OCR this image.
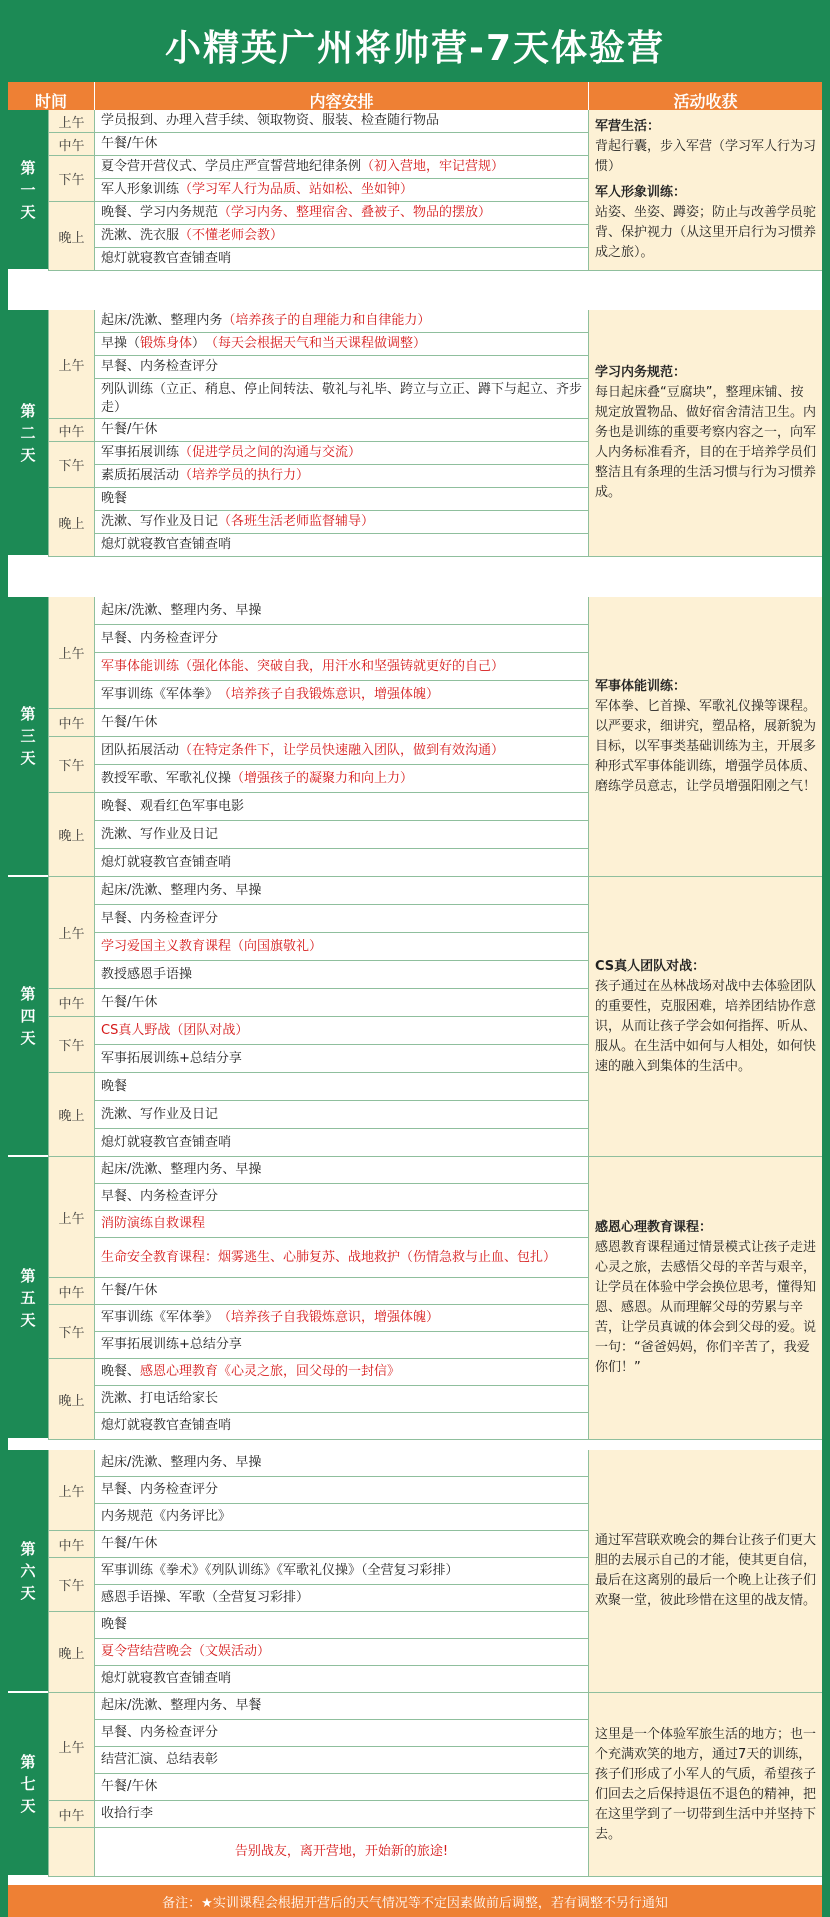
小精英广州将帅营-7天体验营
时间	内容安排	活动收获
第
一
天
上午
中午
下午
晚上
学员报到、办理入营手续、领取物资、服装、检查随行物品
午餐/午休
夏令营开营仪式、学员庄严宣誓营地纪律条例 （初入营地，牢记营规）
军人形象训练 （学习军人行为品质、站如松、坐如钟）
晚餐、学习内务规范 （学习内务、整理宿舍、叠被子、物品的摆放）
洗漱、洗衣服 （不懂老师会教）
熄灯就寝教官查铺查哨
军营生活：
背起行囊，步入军营（学习军人行为习惯）
军人形象训练：
站姿、坐姿、蹲姿；防止与改善学员驼背、保护视力（从这里开启行为习惯养成之旅）。
第
二
天
上午
中午
下午
晚上
起床/洗漱、整理内务 （培养孩子的自理能力和自律能力）
早操（ 锻炼身体 ） （每天会根据天气和当天课程做调整）
早餐、内务检查评分
列队训练（立正、稍息、停止间转法、敬礼与礼毕、跨立与立正、蹲下与起立、齐步走）
午餐/午休
军事拓展训练 （促进学员之间的沟通与交流）
素质拓展活动 （培养学员的执行力）
晚餐
洗漱、写作业及日记 （各班生活老师监督辅导）
熄灯就寝教官查铺查哨
学习内务规范：
每日起床叠“豆腐块”，整理床铺、按规定放置物品、做好宿舍清洁卫生。内务也是训练的重要考察内容之一，向军人内务标准看齐，目的在于培养学员们整洁且有条理的生活习惯与行为习惯养成。
第
三
天
上午
中午
下午
晚上
起床/洗漱、整理内务、早操
早餐、内务检查评分
军事体能训练（强化体能、突破自我，用汗水和坚强铸就更好的自己）
军事训练《军体拳》 （培养孩子自我锻炼意识，增强体魄）
午餐/午休
团队拓展活动 （在特定条件下，让学员快速融入团队，做到有效沟通）
教授军歌、军歌礼仪操 （增强孩子的凝聚力和向上力）
晚餐、观看红色军事电影
洗漱、写作业及日记
熄灯就寝教官查铺查哨
军事体能训练：
军体拳、匕首操、军歌礼仪操等课程。以严要求，细讲究，塑品格，展新貌为目标，以军事类基础训练为主，开展多种形式军事体能训练，增强学员体质、磨练学员意志，让学员增强阳刚之气！
第
四
天
上午
中午
下午
晚上
起床/洗漱、整理内务、早操
早餐、内务检查评分
学习爱国主义教育课程（向国旗敬礼）
教授感恩手语操
午餐/午休
CS真人野战（团队对战）
军事拓展训练+总结分享
晚餐
洗漱、写作业及日记
熄灯就寝教官查铺查哨
CS真人团队对战：
孩子通过在丛林战场对战中去体验团队的重要性，克服困难，培养团结协作意识，从而让孩子学会如何指挥、听从、服从。在生活中如何与人相处，如何快速的融入到集体的生活中。
第
五
天
上午
中午
下午
晚上
起床/洗漱、整理内务、早操
早餐、内务检查评分
消防演练自救课程
生命安全教育课程：烟雾逃生、心肺复苏、战地救护（伤情急救与止血、包扎）
午餐/午休
军事训练《军体拳》 （培养孩子自我锻炼意识，增强体魄）
军事拓展训练+总结分享
晚餐、 感恩心理教育《心灵之旅，回父母的一封信》
洗漱、打电话给家长
熄灯就寝教官查铺查哨
感恩心理教育课程：
感恩教育课程通过情景模式让孩子走进心灵之旅，去感悟父母的辛苦与艰辛，让学员在体验中学会换位思考，懂得知恩、感恩。从而理解父母的劳累与辛苦，让学员真诚的体会到父母的爱。说一句：“爸爸妈妈，你们辛苦了，我爱你们！”
第
六
天
上午
中午
下午
晚上
起床/洗漱、整理内务、早操
早餐、内务检查评分
内务规范《内务评比》
午餐/午休
军事训练《拳术》《列队训练》《军歌礼仪操》（全营复习彩排）
感恩手语操、军歌（全营复习彩排）
晚餐
夏令营结营晚会（文娱活动）
熄灯就寝教官查铺查哨
通过军营联欢晚会的舞台让孩子们更大胆的去展示自己的才能，使其更自信，最后在这离别的最后一个晚上让孩子们欢聚一堂，彼此珍惜在这里的战友情。
第
七
天
上午
中午
起床/洗漱、整理内务、早餐
早餐、内务检查评分
结营汇演、总结表彰
午餐/午休
收拾行李
告别战友，离开营地，开始新的旅途!
这里是一个体验军旅生活的地方；也一个充满欢笑的地方，通过7天的训练，孩子们形成了小军人的气质，希望孩子们回去之后保持退伍不退色的精神，把在这里学到了一切带到生活中并坚持下去。
备注：★实训课程会根据开营后的天气情况等不定因素做前后调整，若有调整不另行通知
